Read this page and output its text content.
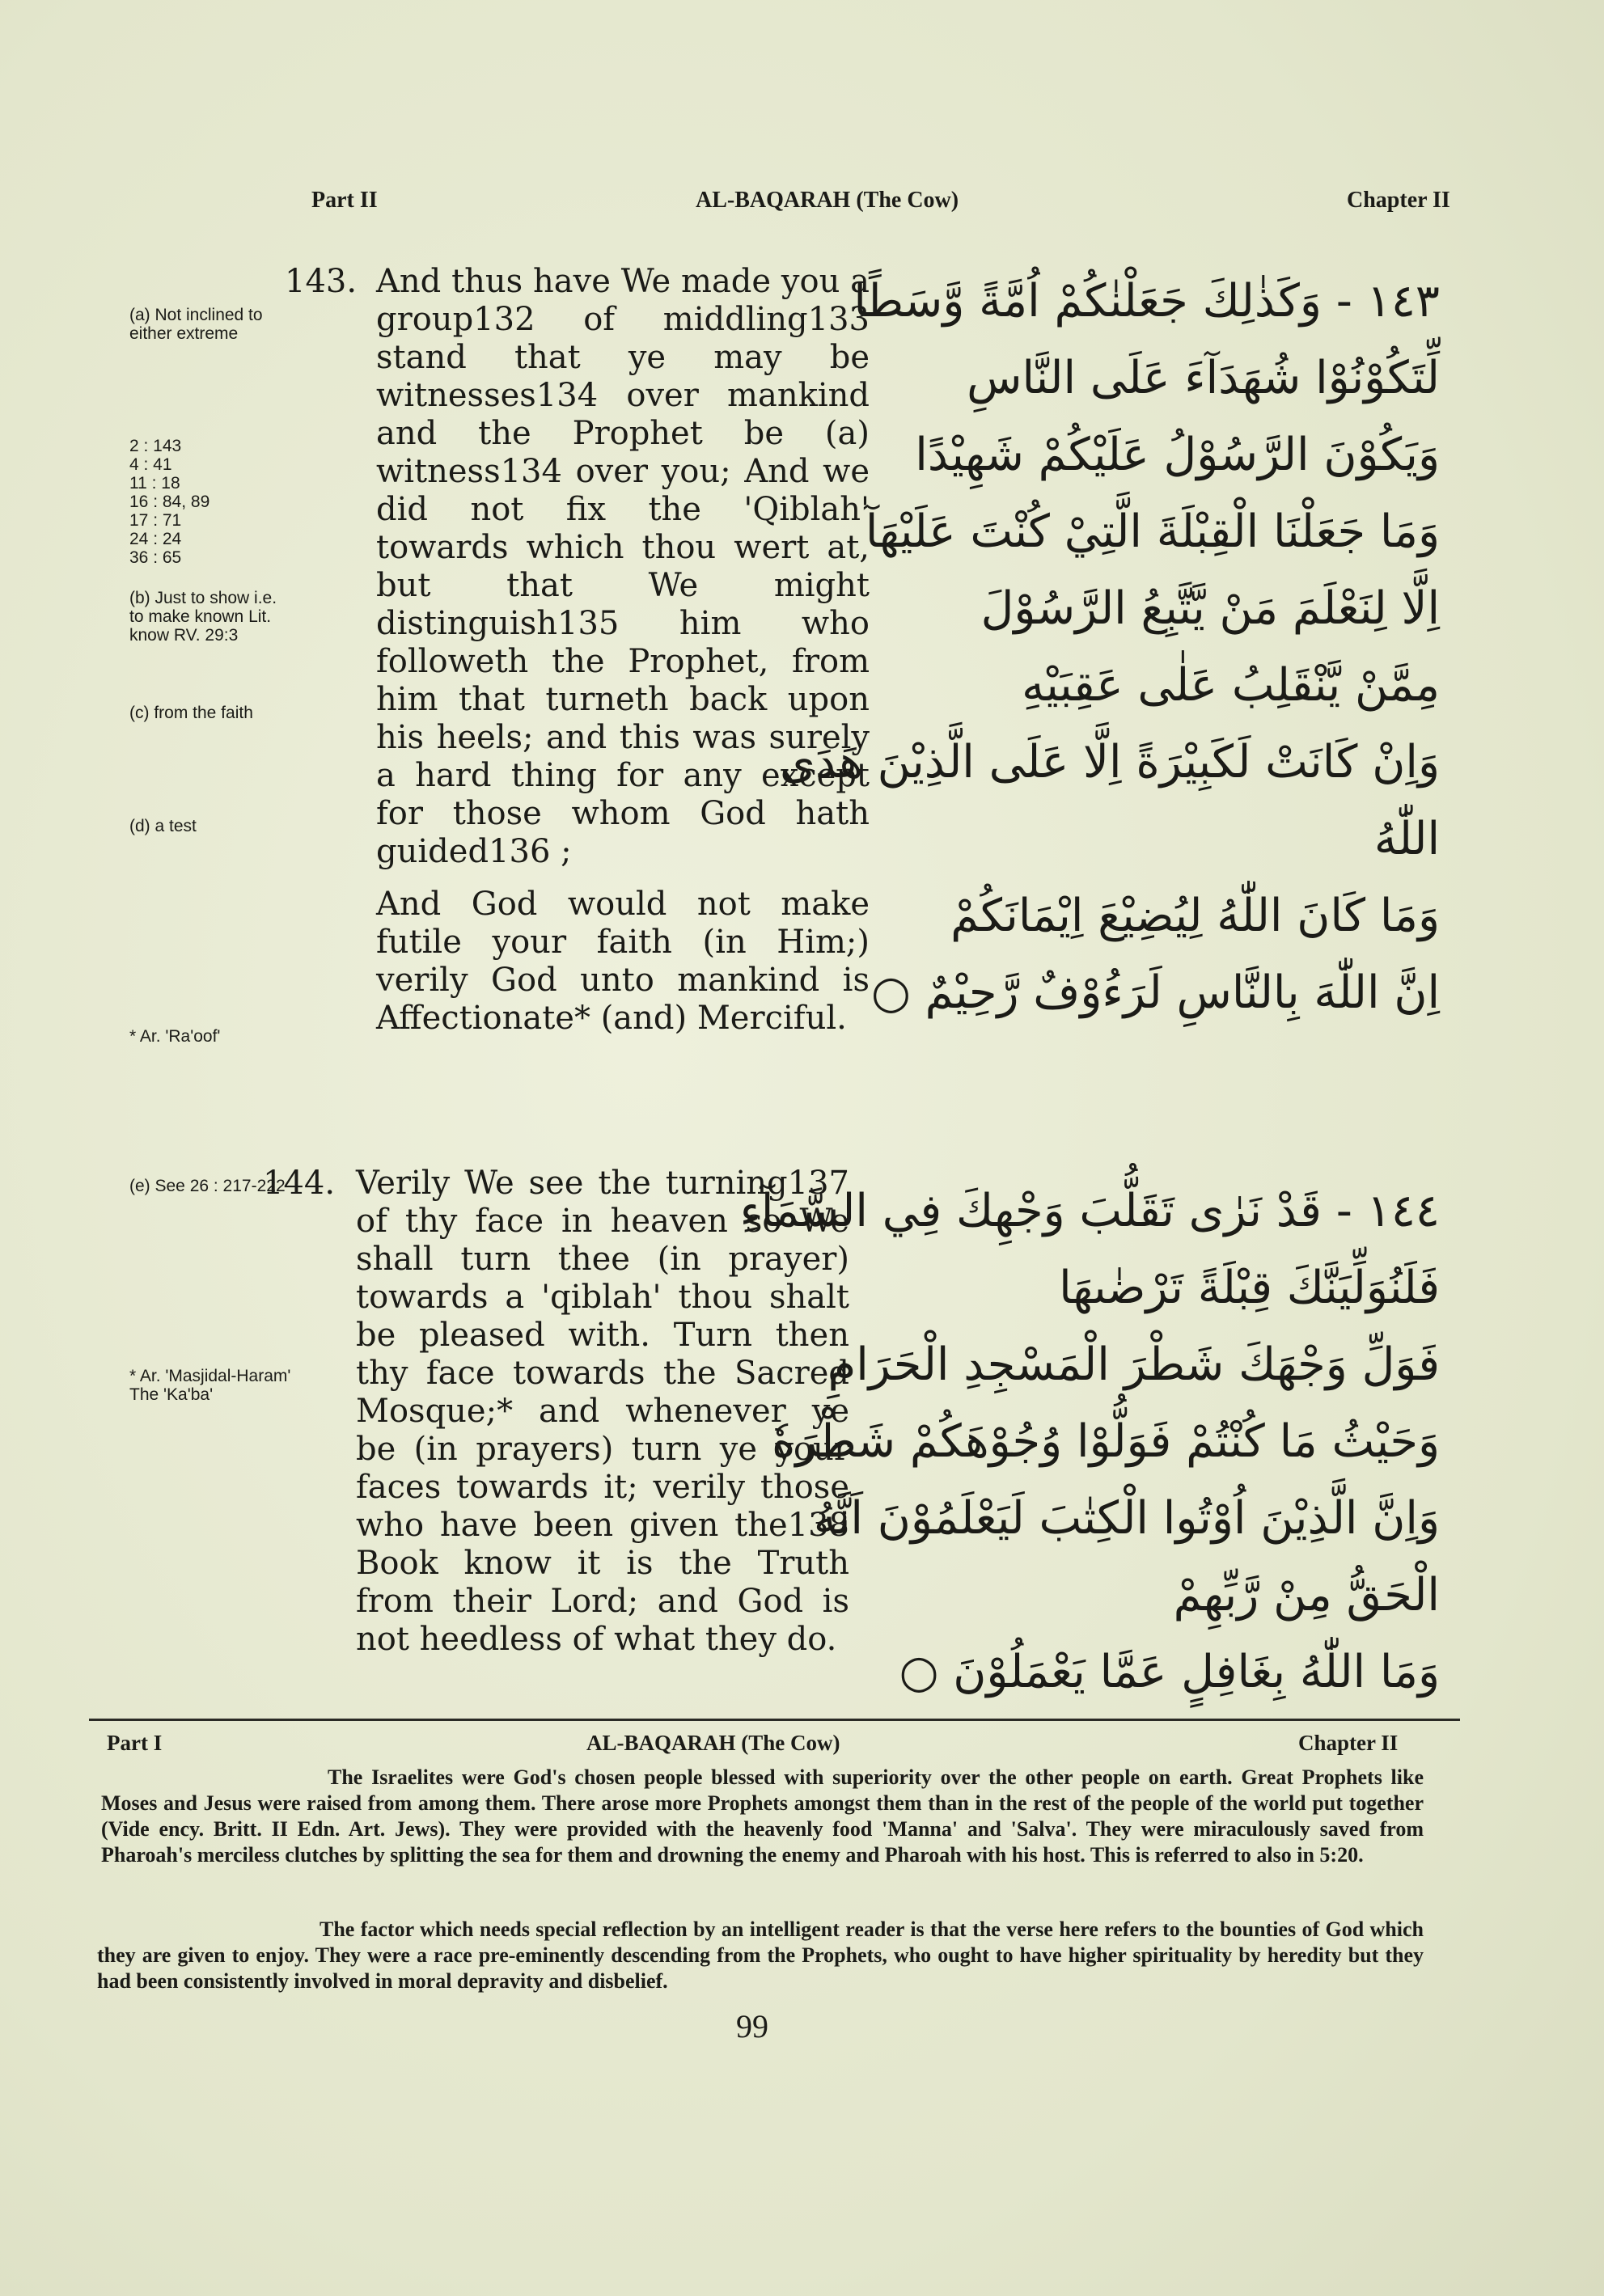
Part II	AL-BAQARAH (The Cow)	Chapter II
(a) Not inclined to either extreme
2 : 143
4 : 41
11 : 18
16 : 84, 89
17 : 71
24 : 24
36 : 65
(b) Just to show i.e. to make known Lit. know RV. 29:3
(c) from the faith
(d) a test
* Ar. 'Ra'oof'
(e) See 26 : 217-222
* Ar. 'Masjidal-Haram' The 'Ka'ba'
143. And thus have We made you a group132 of middling133 stand that ye may be witnesses134 over mankind and the Prophet be (a) witness134 over you; And we did not fix the 'Qiblah' towards which thou wert at, but that We might distinguish135 him who followeth the Prophet, from him that turneth back upon his heels; and this was surely a hard thing for any except for those whom God hath guided136 ;

And God would not make futile your faith (in Him;) verily God unto mankind is Affectionate* (and) Merciful.

١٤٣ - وَكَذٰلِكَ جَعَلْنٰكُمْ اُمَّةً وَّسَطًا
لِّتَكُوْنُوْا شُهَدَآءَ عَلَى النَّاسِ
وَيَكُوْنَ الرَّسُوْلُ عَلَيْكُمْ شَهِيْدًا
وَمَا جَعَلْنَا الْقِبْلَةَ الَّتِيْ كُنْتَ عَلَيْهَآ
اِلَّا لِنَعْلَمَ مَنْ يَّتَّبِعُ الرَّسُوْلَ
مِمَّنْ يَّنْقَلِبُ عَلٰى عَقِبَيْهِ
وَاِنْ كَانَتْ لَكَبِيْرَةً اِلَّا عَلَى الَّذِيْنَ هَدَى
اللّٰهُ
وَمَا كَانَ اللّٰهُ لِيُضِيْعَ اِيْمَانَكُمْ
اِنَّ اللّٰهَ بِالنَّاسِ لَرَءُوْفٌ رَّحِيْمٌ ○
144. Verily We see the turning137 of thy face in heaven so We shall turn thee (in prayer) towards a 'qiblah' thou shalt be pleased with. Turn then thy face towards the Sacred Mosque;* and whenever ye be (in prayers) turn ye your faces towards it; verily those who have been given the138 Book know it is the Truth from their Lord; and God is not heedless of what they do.

١٤٤ - قَدْ نَرٰى تَقَلُّبَ وَجْهِكَ فِي السَّمَآءِ
فَلَنُوَلِّيَنَّكَ قِبْلَةً تَرْضٰىهَا
فَوَلِّ وَجْهَكَ شَطْرَ الْمَسْجِدِ الْحَرَامِ
وَحَيْثُ مَا كُنْتُمْ فَوَلُّوْا وُجُوْهَكُمْ شَطْرَهٗ
وَاِنَّ الَّذِيْنَ اُوْتُوا الْكِتٰبَ لَيَعْلَمُوْنَ اَنَّهُ
الْحَقُّ مِنْ رَّبِّهِمْ
وَمَا اللّٰهُ بِغَافِلٍ عَمَّا يَعْمَلُوْنَ ○
Part I	AL-BAQARAH (The Cow)	Chapter II
The Israelites were God's chosen people blessed with superiority over the other people on earth. Great Prophets like Moses and Jesus were raised from among them. There arose more Prophets amongst them than in the rest of the people of the world put together (Vide ency. Britt. II Edn. Art. Jews). They were provided with the heavenly food 'Manna' and 'Salva'. They were miraculously saved from Pharoah's merciless clutches by splitting the sea for them and drowning the enemy and Pharoah with his host. This is referred to also in 5:20.
The factor which needs special reflection by an intelligent reader is that the verse here refers to the bounties of God which they are given to enjoy. They were a race pre-eminently descending from the Prophets, who ought to have higher spirituality by heredity but they had been consistently involved in moral depravity and disbelief.
99
